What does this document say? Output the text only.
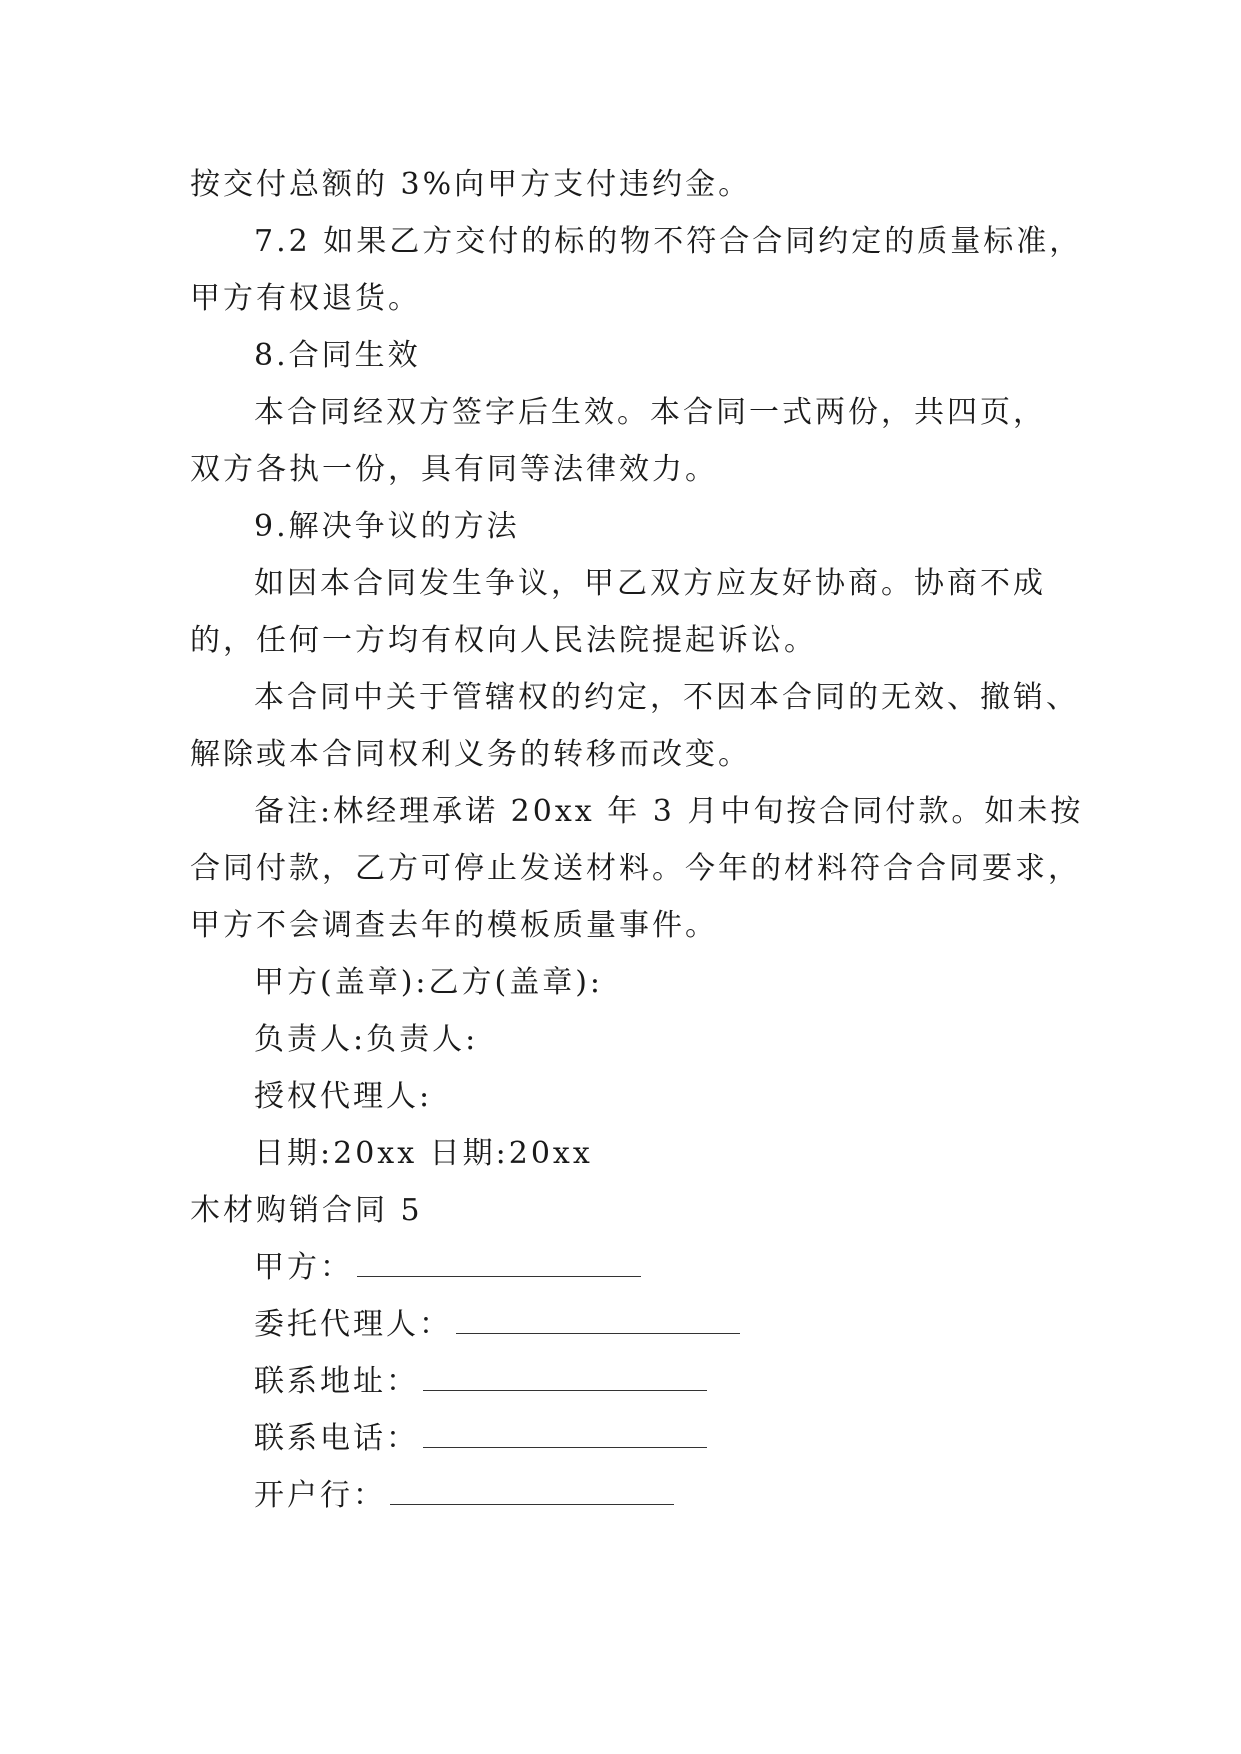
按交付总额的 3%向甲方支付违约金。
7.2 如果乙方交付的标的物不符合合同约定的质量标准，
甲方有权退货。
8.合同生效
本合同经双方签字后生效。本合同一式两份，共四页，
双方各执一份，具有同等法律效力。
9.解决争议的方法
如因本合同发生争议，甲乙双方应友好协商。协商不成
的，任何一方均有权向人民法院提起诉讼。
本合同中关于管辖权的约定，不因本合同的无效、撤销、
解除或本合同权利义务的转移而改变。
备注:林经理承诺 20xx 年 3 月中旬按合同付款。如未按
合同付款，乙方可停止发送材料。今年的材料符合合同要求，
甲方不会调查去年的模板质量事件。
甲方(盖章):乙方(盖章):
负责人:负责人:
授权代理人:
日期:20xx 日期:20xx
木材购销合同 5
甲方：
委托代理人：
联系地址：
联系电话：
开户行：
